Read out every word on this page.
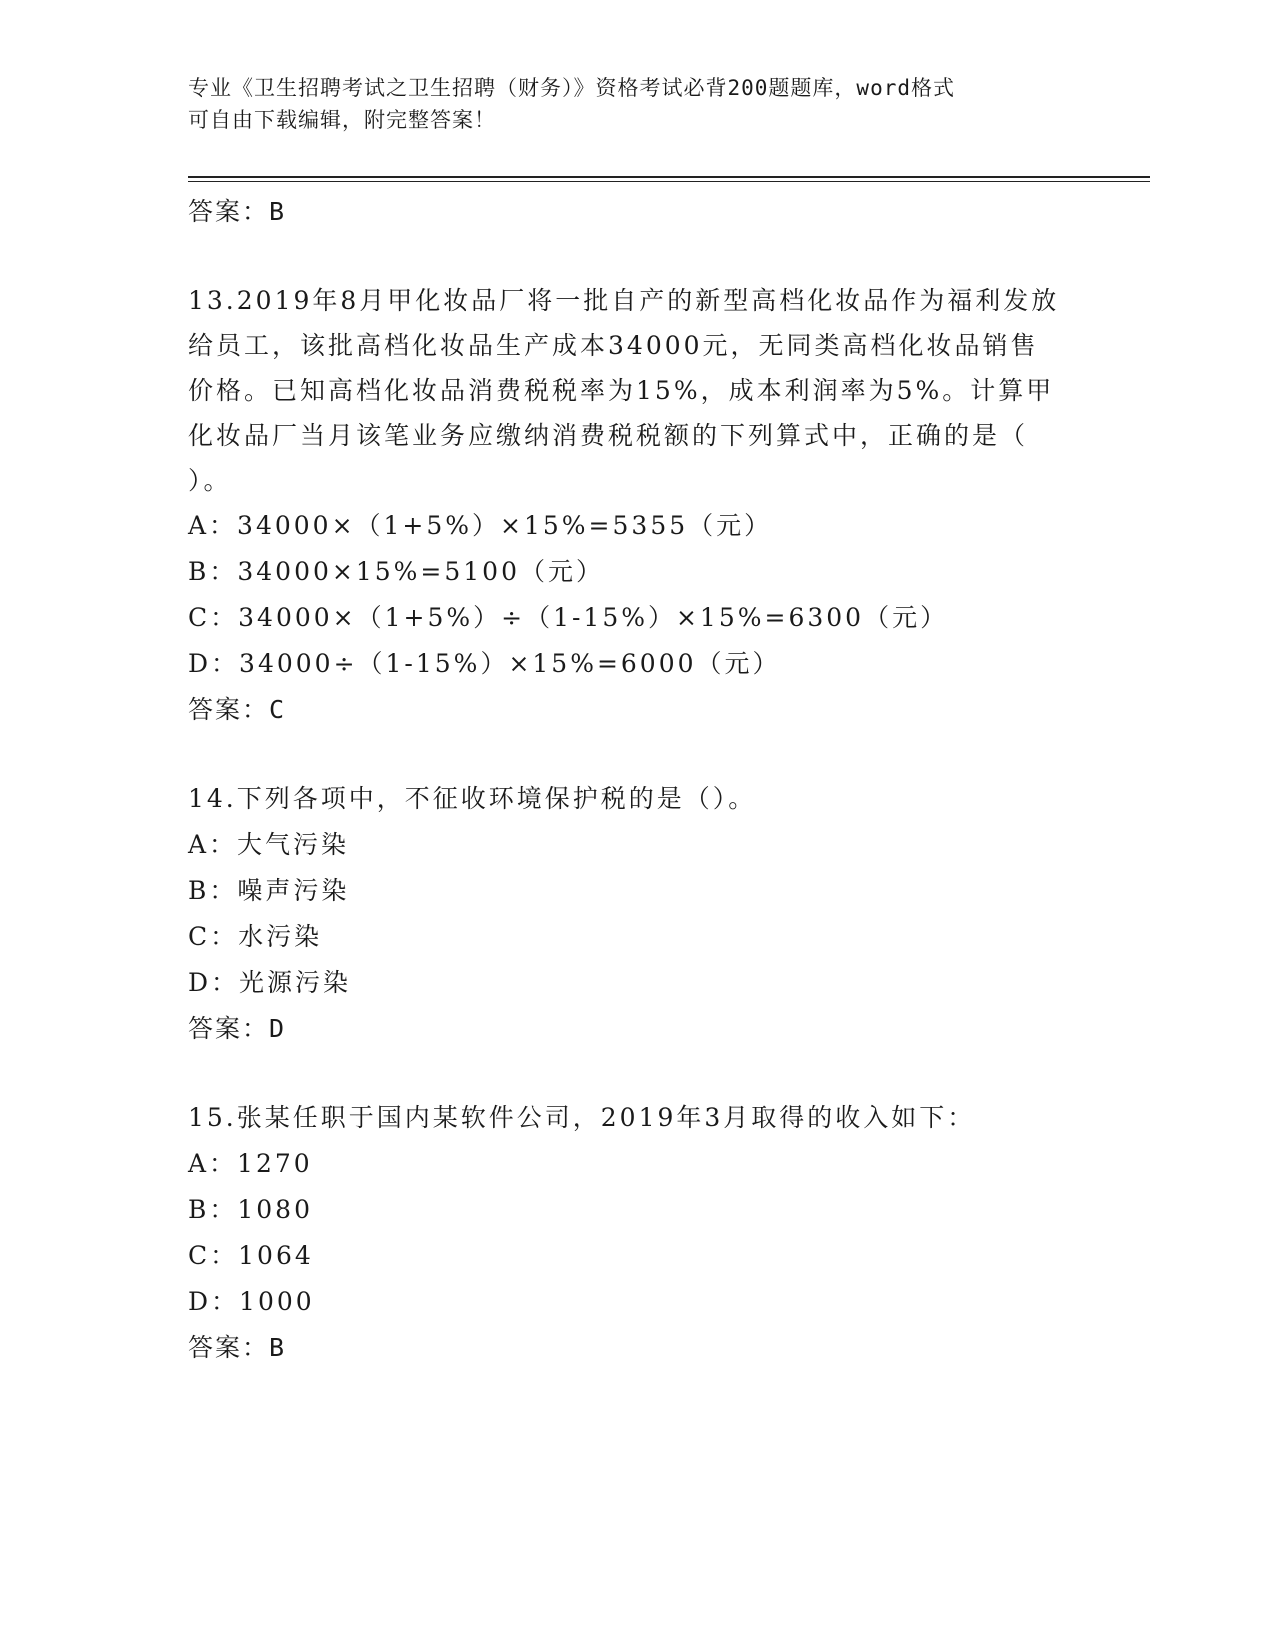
专业《卫生招聘考试之卫生招聘（财务）》资格考试必背200题题库，word格式
可自由下载编辑，附完整答案！
答案：B
13.2019年8月甲化妆品厂将一批自产的新型高档化妆品作为福利发放
给员工，该批高档化妆品生产成本34000元，无同类高档化妆品销售
价格。已知高档化妆品消费税税率为15%，成本利润率为5%。计算甲
化妆品厂当月该笔业务应缴纳消费税税额的下列算式中，正确的是（
）。
A：34000×（1+5%）×15%=5355（元）
B：34000×15%=5100（元）
C：34000×（1+5%）÷（1-15%）×15%=6300（元）
D：34000÷（1-15%）×15%=6000（元）
答案：C
14.下列各项中，不征收环境保护税的是（）。
A：大气污染
B：噪声污染
C：水污染
D：光源污染
答案：D
15.张某任职于国内某软件公司，2019年3月取得的收入如下：
A：1270
B：1080
C：1064
D：1000
答案：B
